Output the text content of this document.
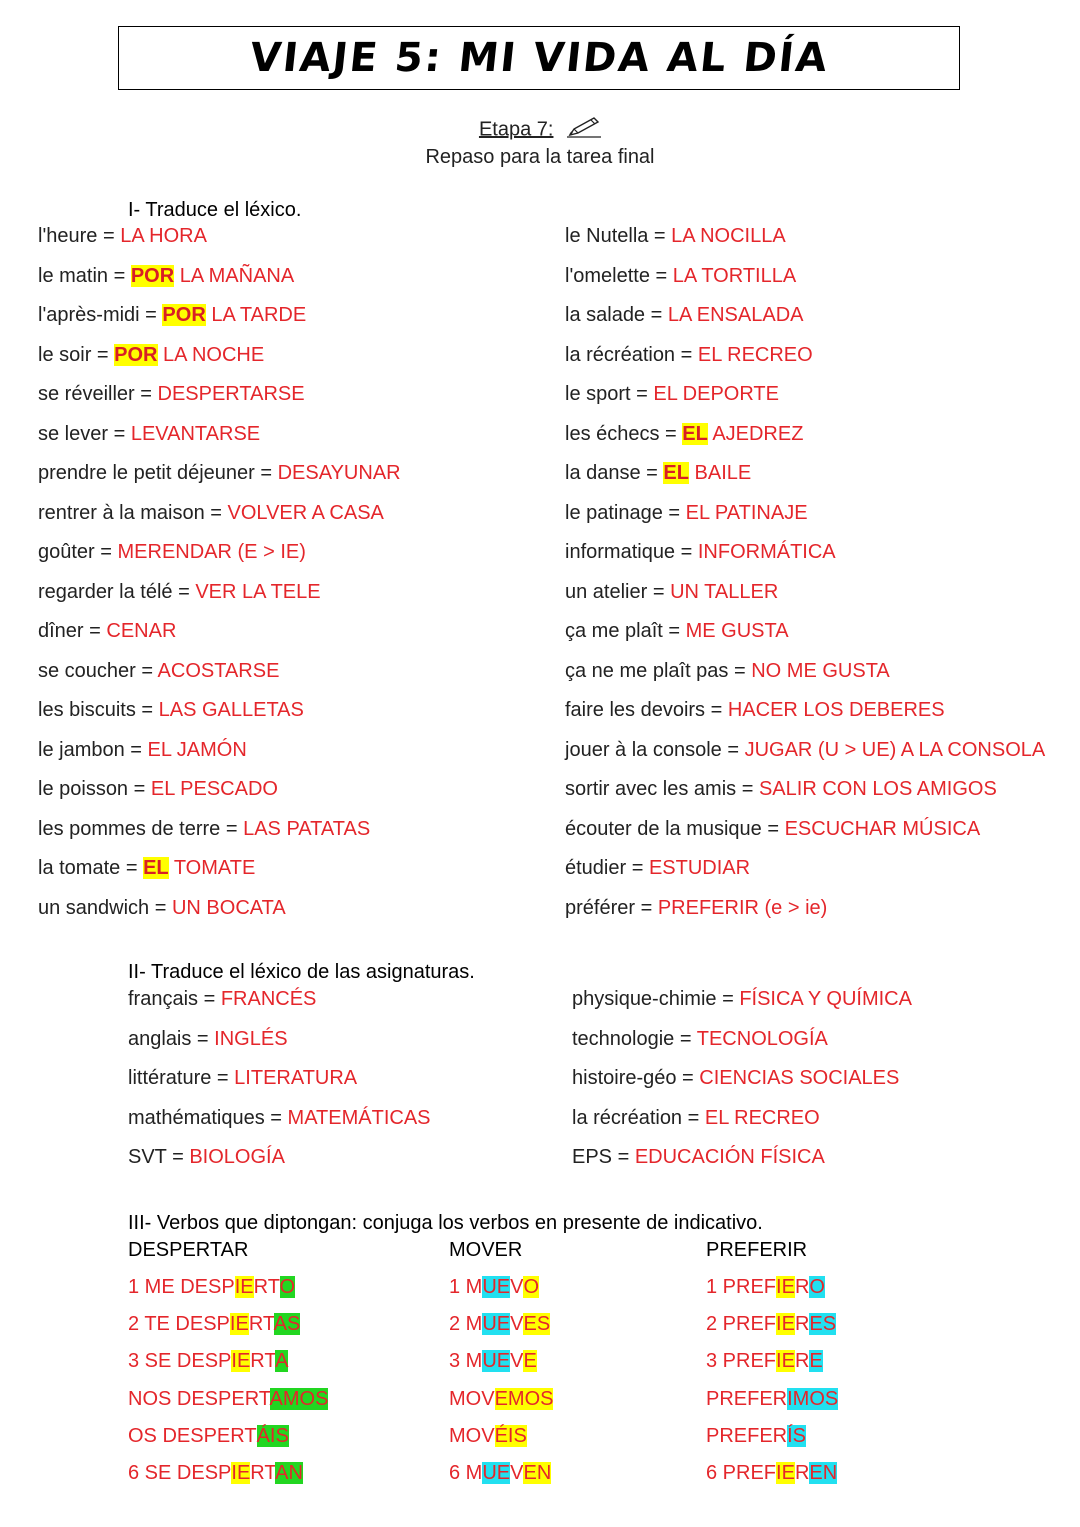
VIAJE 5: MI VIDA AL DÍA
Etapa 7:
Repaso para la tarea final
I- Traduce el léxico.
l'heure = LA HORA
le matin = POR LA MAÑANA
l'après-midi = POR LA TARDE
le soir = POR LA NOCHE
se réveiller = DESPERTARSE
se lever = LEVANTARSE
prendre le petit déjeuner = DESAYUNAR
rentrer à la maison = VOLVER A CASA
goûter = MERENDAR (E > IE)
regarder la télé = VER LA TELE
dîner = CENAR
se coucher = ACOSTARSE
les biscuits = LAS GALLETAS
le jambon = EL JAMÓN
le poisson = EL PESCADO
les pommes de terre = LAS PATATAS
la tomate = EL TOMATE
un sandwich = UN BOCATA
le Nutella = LA NOCILLA
l'omelette = LA TORTILLA
la salade = LA ENSALADA
la récréation = EL RECREO
le sport = EL DEPORTE
les échecs = EL AJEDREZ
la danse = EL BAILE
le patinage = EL PATINAJE
informatique = INFORMÁTICA
un atelier = UN TALLER
ça me plaît = ME GUSTA
ça ne me plaît pas = NO ME GUSTA
faire les devoirs = HACER LOS DEBERES
jouer à la console = JUGAR (U > UE) A LA CONSOLA
sortir avec les amis = SALIR CON LOS AMIGOS
écouter de la musique = ESCUCHAR MÚSICA
étudier = ESTUDIAR
préférer = PREFERIR (e > ie)
II- Traduce el léxico de las asignaturas.
français = FRANCÉS
anglais = INGLÉS
littérature = LITERATURA
mathématiques = MATEMÁTICAS
SVT = BIOLOGÍA
physique-chimie = FÍSICA Y QUÍMICA
technologie = TECNOLOGÍA
histoire-géo = CIENCIAS SOCIALES
la récréation = EL RECREO
EPS = EDUCACIÓN FÍSICA
III- Verbos que diptongan: conjuga los verbos en presente de indicativo.
DESPERTAR
1 ME DESPIERTO
2 TE DESPIERTAS
3 SE DESPIERTA
NOS DESPERTAMOS
OS DESPERTÁIS
6 SE DESPIERTAN
MOVER
1 MUEVO
2 MUEVES
3 MUEVE
MOVEMOS
MOVÉIS
6 MUEVEN
PREFERIR
1 PREFIERO
2 PREFIERES
3 PREFIERE
PREFERIMOS
PREFERÍS
6 PREFIEREN
